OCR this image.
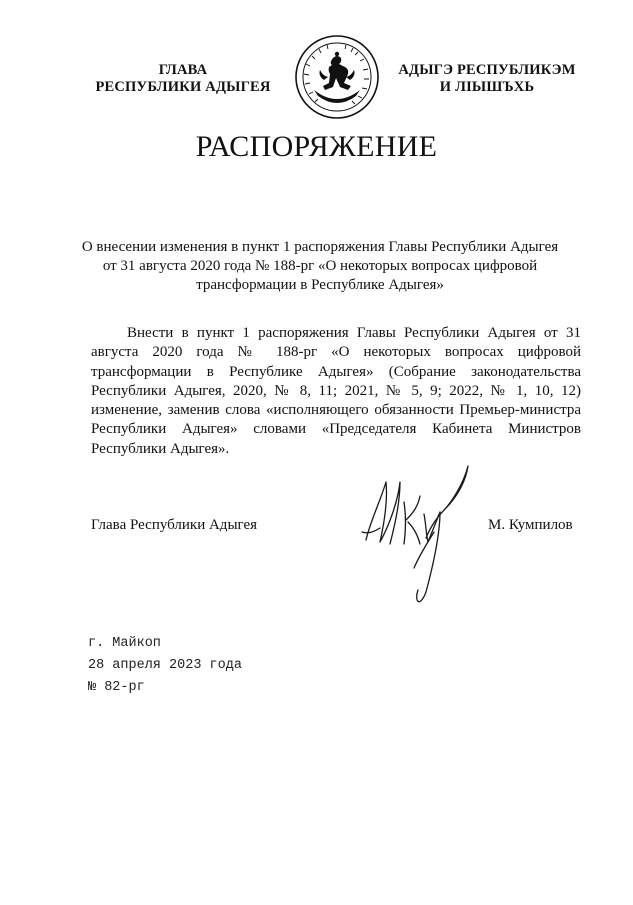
ГЛАВА
РЕСПУБЛИКИ АДЫГЕЯ
АДЫГЭ РЕСПУБЛИКЭМ
И ЛІЫШЪХЬ
РАСПОРЯЖЕНИЕ
О внесении изменения в пункт 1 распоряжения Главы Республики Адыгея
от 31 августа 2020 года № 188-рг «О некоторых вопросах цифровой
трансформации в Республике Адыгея»
Внести в пункт 1 распоряжения Главы Республики Адыгея от 31
августа 2020 года № 188-рг «О некоторых вопросах цифровой
трансформации в Республике Адыгея» (Собрание законодательства
Республики Адыгея, 2020, № 8, 11; 2021, № 5, 9; 2022, № 1, 10, 12)
изменение, заменив слова «исполняющего обязанности Премьер-министра
Республики Адыгея» словами «Председателя Кабинета Министров
Республики Адыгея».
Глава Республики Адыгея	М. Кумпилов
г. Майкоп
28 апреля 2023 года
№ 82-рг
